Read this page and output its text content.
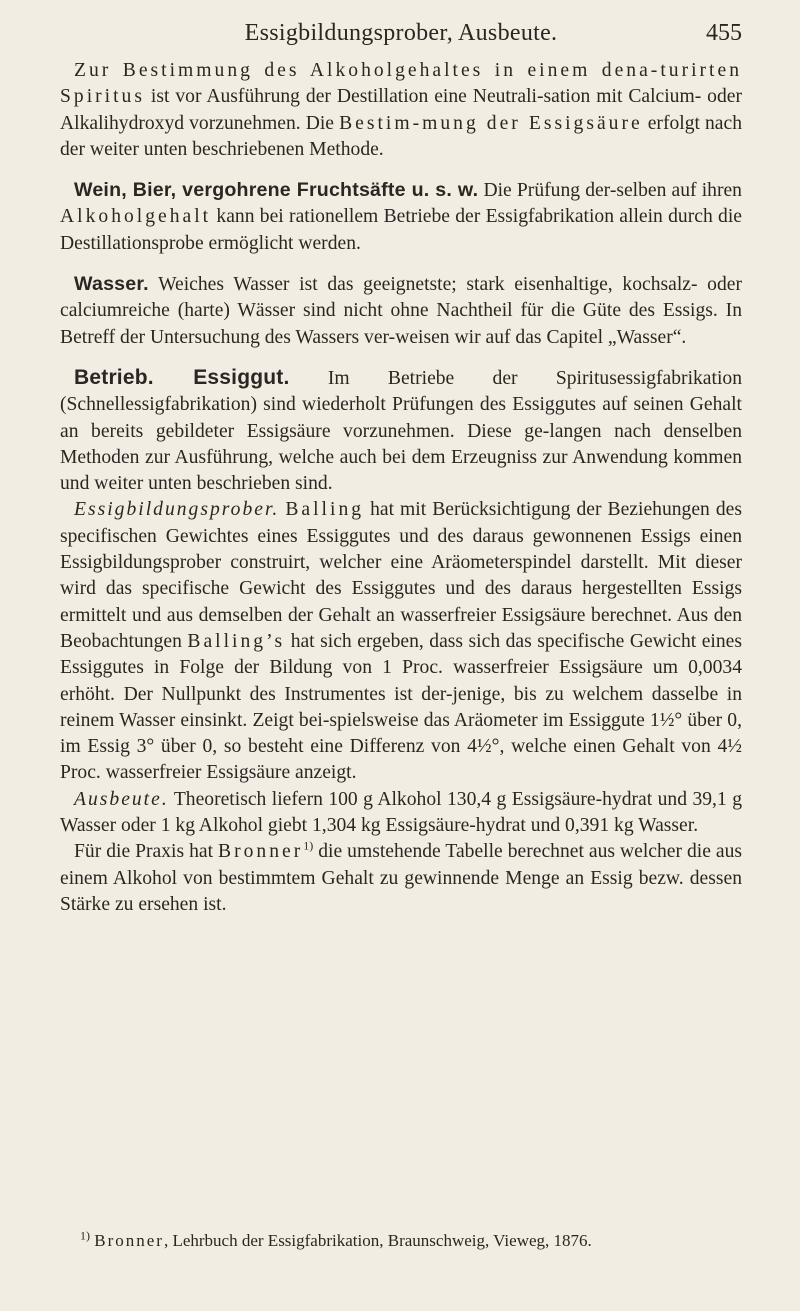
Essigbildungsprober, Ausbeute.	455

Zur Bestimmung des Alkoholgehaltes in einem dena-turirten Spiritus ist vor Ausführung der Destillation eine Neutrali-sation mit Calcium- oder Alkalihydroxyd vorzunehmen. Die Bestim-mung der Essigsäure erfolgt nach der weiter unten beschriebenen Methode.

Wein, Bier, vergohrene Fruchtsäfte u. s. w. Die Prüfung der-selben auf ihren Alkoholgehalt kann bei rationellem Betriebe der Essigfabrikation allein durch die Destillationsprobe ermöglicht werden.

Wasser. Weiches Wasser ist das geeignetste; stark eisenhaltige, kochsalz- oder calciumreiche (harte) Wässer sind nicht ohne Nachtheil für die Güte des Essigs. In Betreff der Untersuchung des Wassers ver-weisen wir auf das Capitel „Wasser“.

Betrieb. Essiggut. Im Betriebe der Spiritusessigfabrikation (Schnellessigfabrikation) sind wiederholt Prüfungen des Essiggutes auf seinen Gehalt an bereits gebildeter Essigsäure vorzunehmen. Diese ge-langen nach denselben Methoden zur Ausführung, welche auch bei dem Erzeugniss zur Anwendung kommen und weiter unten beschrieben sind.

Essigbildungsprober. Balling hat mit Berücksichtigung der Beziehungen des specifischen Gewichtes eines Essiggutes und des daraus gewonnenen Essigs einen Essigbildungsprober construirt, welcher eine Aräometerspindel darstellt. Mit dieser wird das specifische Gewicht des Essiggutes und des daraus hergestellten Essigs ermittelt und aus demselben der Gehalt an wasserfreier Essigsäure berechnet. Aus den Beobachtungen Balling’s hat sich ergeben, dass sich das specifische Gewicht eines Essiggutes in Folge der Bildung von 1 Proc. wasserfreier Essigsäure um 0,0034 erhöht. Der Nullpunkt des Instrumentes ist der-jenige, bis zu welchem dasselbe in reinem Wasser einsinkt. Zeigt bei-spielsweise das Aräometer im Essiggute 1½° über 0, im Essig 3° über 0, so besteht eine Differenz von 4½°, welche einen Gehalt von 4½ Proc. wasserfreier Essigsäure anzeigt.

Ausbeute. Theoretisch liefern 100 g Alkohol 130,4 g Essigsäure-hydrat und 39,1 g Wasser oder 1 kg Alkohol giebt 1,304 kg Essigsäure-hydrat und 0,391 kg Wasser.

Für die Praxis hat Bronner$^{1)}$ die umstehende Tabelle berechnet aus welcher die aus einem Alkohol von bestimmtem Gehalt zu gewinnende Menge an Essig bezw. dessen Stärke zu ersehen ist.

$^{1)}$ Bronner, Lehrbuch der Essigfabrikation, Braunschweig, Vieweg, 1876.
